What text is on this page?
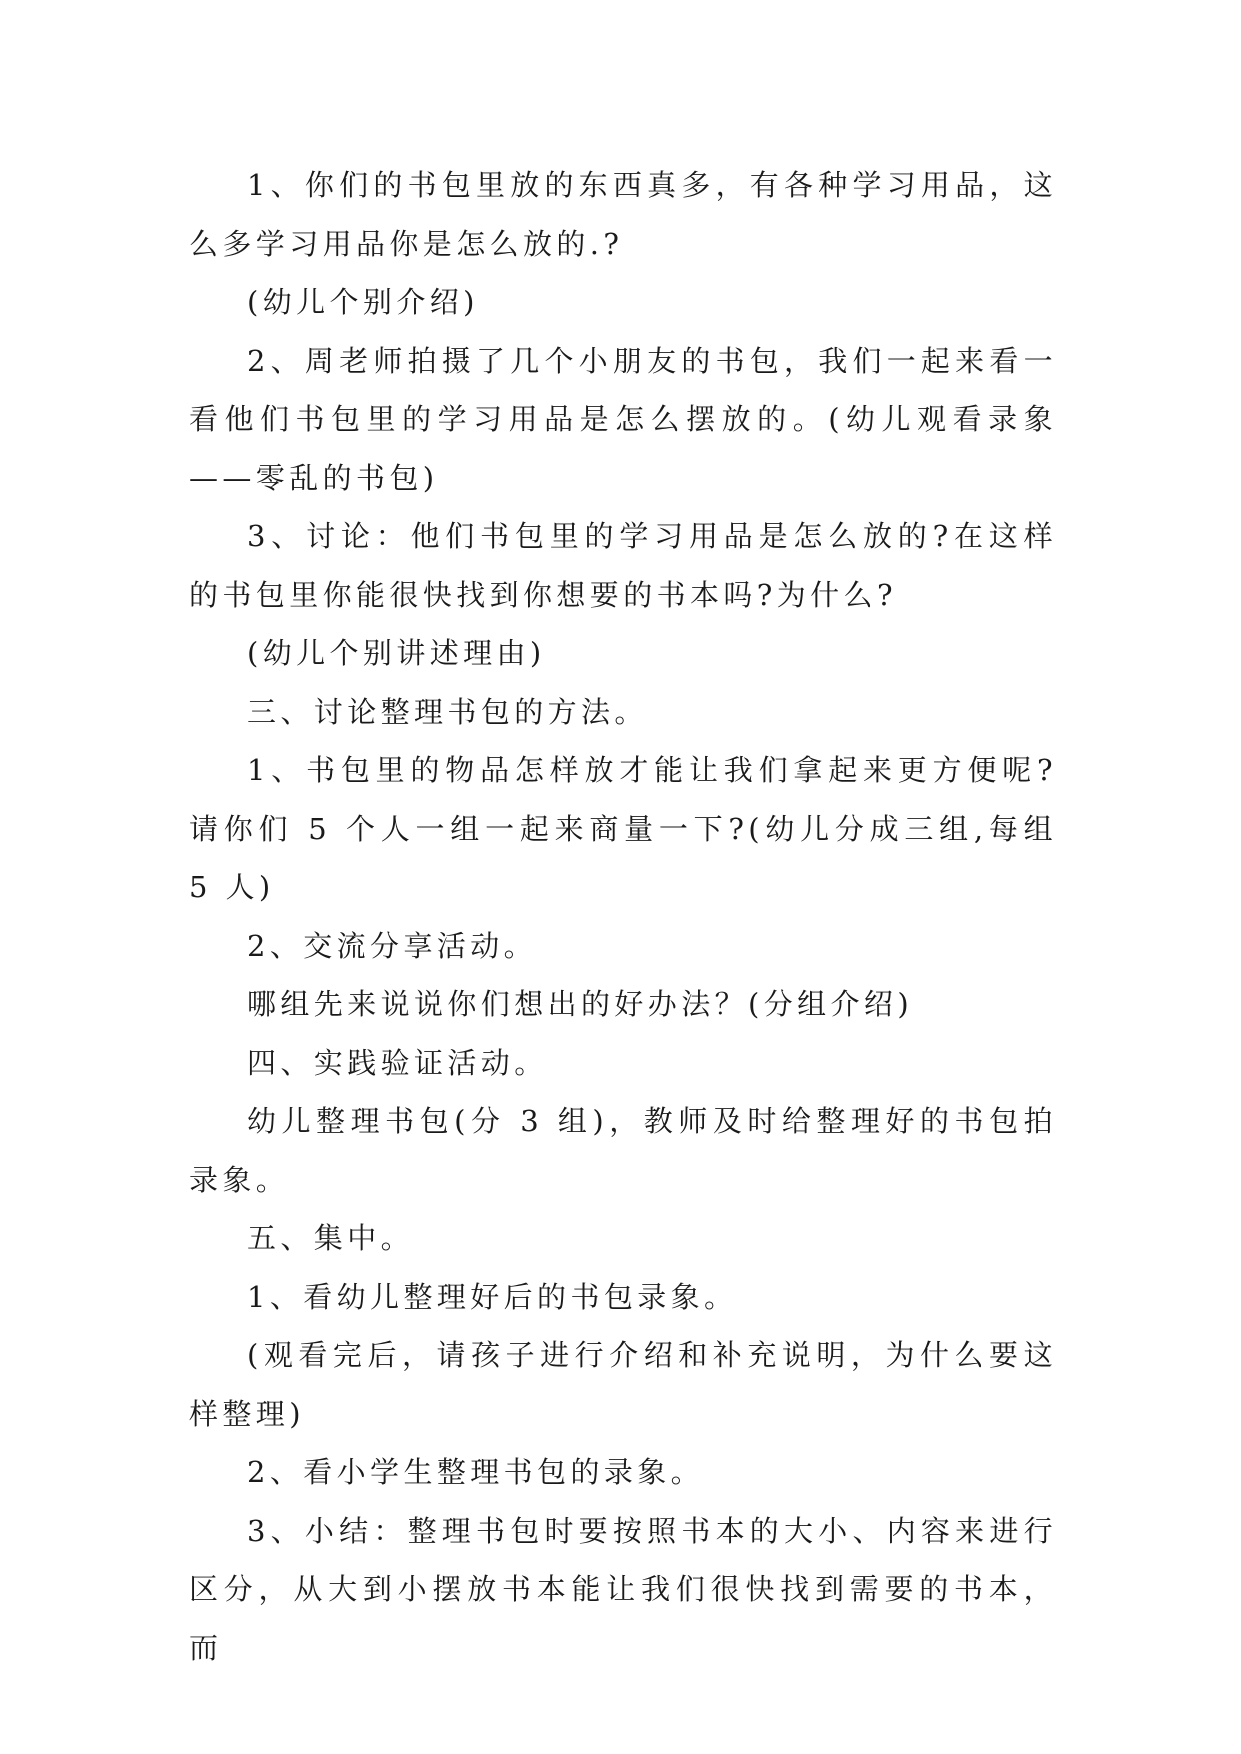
1、你们的书包里放的东西真多，有各种学习用品，这么多学习用品你是怎么放的.?

(幼儿个别介绍)

2、周老师拍摄了几个小朋友的书包，我们一起来看一看他们书包里的学习用品是怎么摆放的。(幼儿观看录象——零乱的书包)

3、讨论：他们书包里的学习用品是怎么放的?在这样的书包里你能很快找到你想要的书本吗?为什么?

(幼儿个别讲述理由)

三、讨论整理书包的方法。

1、书包里的物品怎样放才能让我们拿起来更方便呢?请你们 5 个人一组一起来商量一下?(幼儿分成三组,每组 5 人)

2、交流分享活动。

哪组先来说说你们想出的好办法？(分组介绍)

四、实践验证活动。

幼儿整理书包(分 3 组)，教师及时给整理好的书包拍录象。

五、集中。

1、看幼儿整理好后的书包录象。

(观看完后，请孩子进行介绍和补充说明，为什么要这样整理)

2、看小学生整理书包的录象。

3、小结：整理书包时要按照书本的大小、内容来进行区分，从大到小摆放书本能让我们很快找到需要的书本，而
